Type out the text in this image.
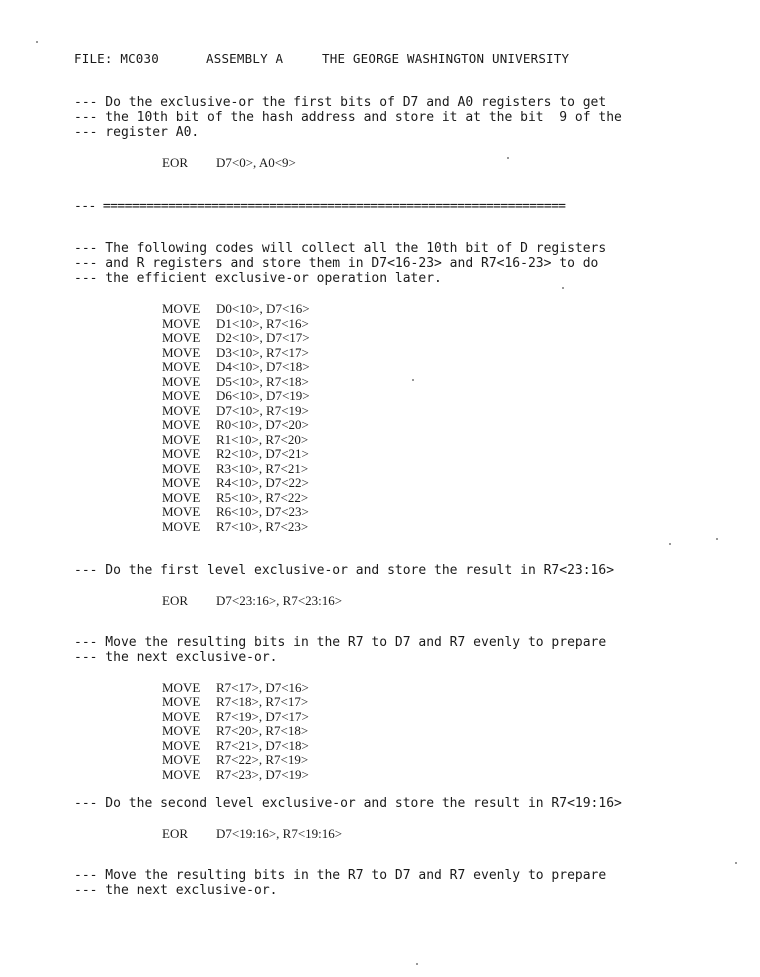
FILE: MC030	ASSEMBLY A	THE GEORGE WASHINGTON UNIVERSITY
--- Do the exclusive-or the first bits of D7 and A0 registers to get
--- the 10th bit of the hash address and store it at the bit  9 of the
--- register A0.
EOR D7<0>, A0<9>
--- ================================================================
--- The following codes will collect all the 10th bit of D registers
--- and R registers and store them in D7<16-23> and R7<16-23> to do
--- the efficient exclusive-or operation later.
MOVE D0<10>, D7<16>
MOVE D1<10>, R7<16>
MOVE D2<10>, D7<17>
MOVE D3<10>, R7<17>
MOVE D4<10>, D7<18>
MOVE D5<10>, R7<18>
MOVE D6<10>, D7<19>
MOVE D7<10>, R7<19>
MOVE R0<10>, D7<20>
MOVE R1<10>, R7<20>
MOVE R2<10>, D7<21>
MOVE R3<10>, R7<21>
MOVE R4<10>, D7<22>
MOVE R5<10>, R7<22>
MOVE R6<10>, D7<23>
MOVE R7<10>, R7<23>
--- Do the first level exclusive-or and store the result in R7<23:16>
EOR D7<23:16>, R7<23:16>
--- Move the resulting bits in the R7 to D7 and R7 evenly to prepare
--- the next exclusive-or.
MOVE R7<17>, D7<16>
MOVE R7<18>, R7<17>
MOVE R7<19>, D7<17>
MOVE R7<20>, R7<18>
MOVE R7<21>, D7<18>
MOVE R7<22>, R7<19>
MOVE R7<23>, D7<19>
--- Do the second level exclusive-or and store the result in R7<19:16>
EOR D7<19:16>, R7<19:16>
--- Move the resulting bits in the R7 to D7 and R7 evenly to prepare
--- the next exclusive-or.
